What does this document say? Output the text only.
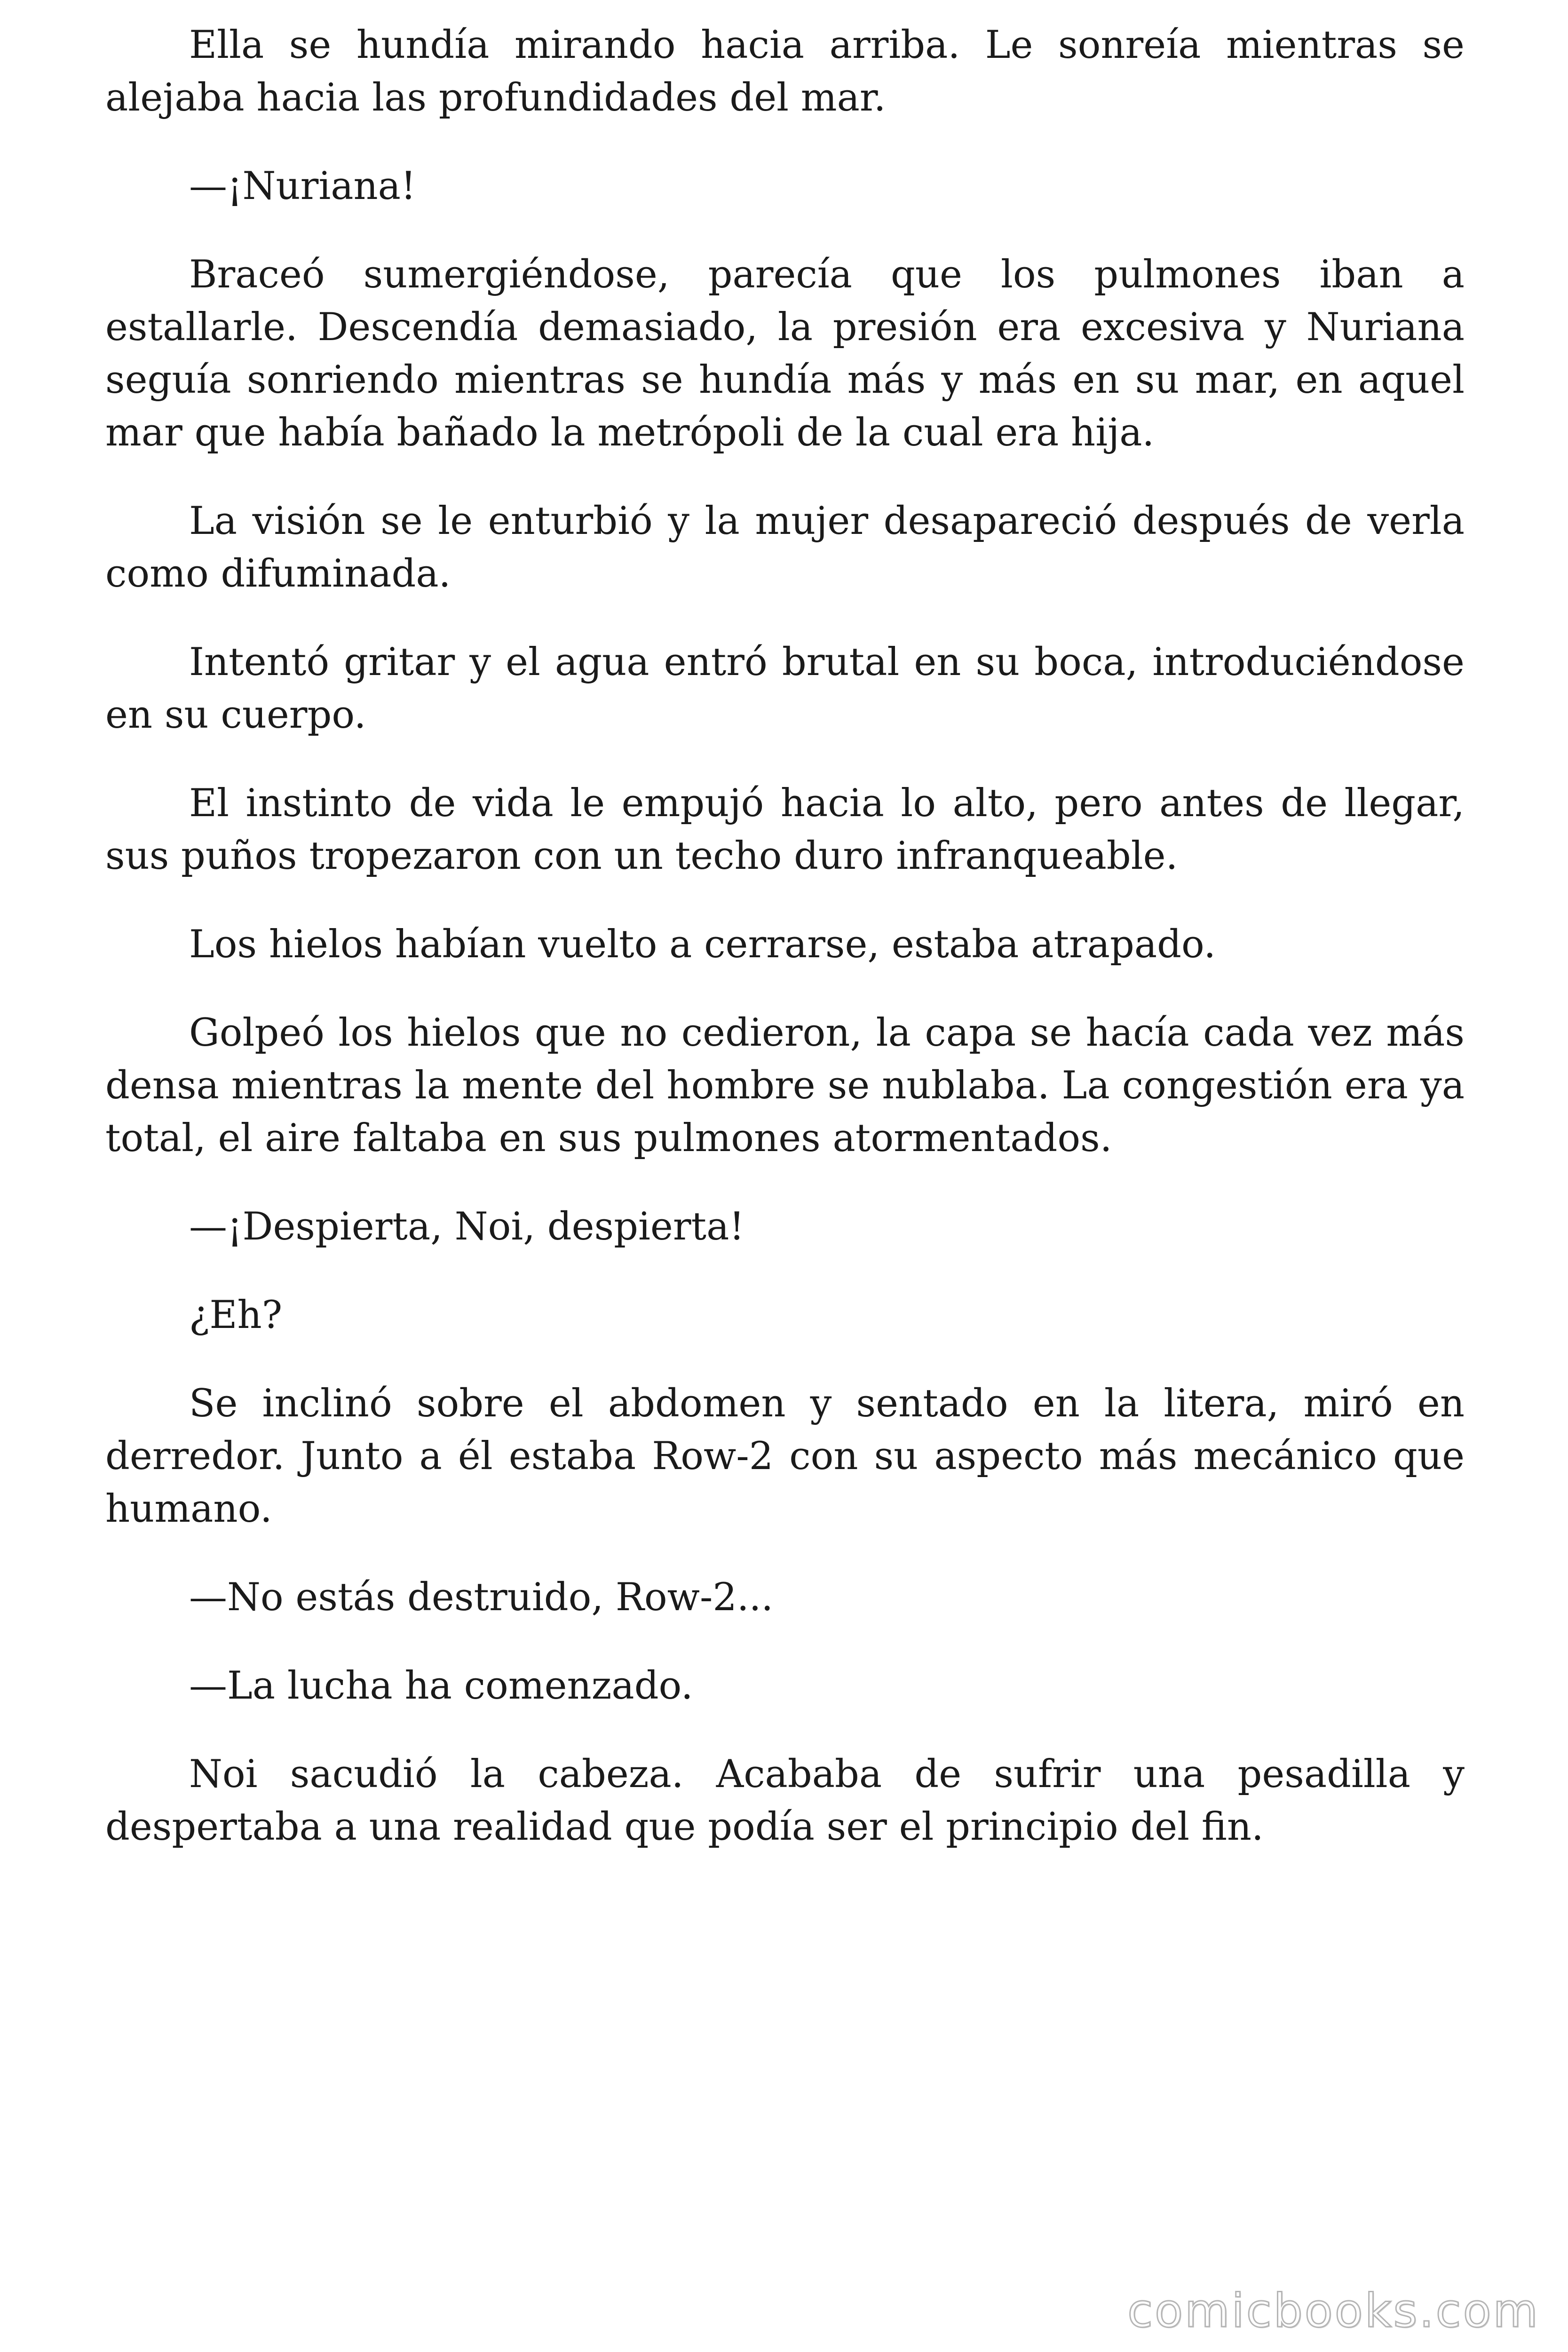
Ella se hundía mirando hacia arriba. Le sonreía mientras se alejaba hacia las profundidades del mar.

—¡Nuriana!

Braceó sumergiéndose, parecía que los pulmones iban a estallarle. Descendía demasiado, la presión era excesiva y Nuriana seguía sonriendo mientras se hundía más y más en su mar, en aquel mar que había bañado la metrópoli de la cual era hija.

La visión se le enturbió y la mujer desapareció después de verla como difuminada.

Intentó gritar y el agua entró brutal en su boca, introduciéndose en su cuerpo.

El instinto de vida le empujó hacia lo alto, pero antes de llegar, sus puños tropezaron con un techo duro infranqueable.

Los hielos habían vuelto a cerrarse, estaba atrapado.

Golpeó los hielos que no cedieron, la capa se hacía cada vez más densa mientras la mente del hombre se nublaba. La congestión era ya total, el aire faltaba en sus pulmones atormentados.

—¡Despierta, Noi, despierta!

¿Eh?

Se inclinó sobre el abdomen y sentado en la litera, miró en derredor. Junto a él estaba Row-2 con su aspecto más mecánico que humano.

—No estás destruido, Row-2...

—La lucha ha comenzado.

Noi sacudió la cabeza. Acababa de sufrir una pesadilla y despertaba a una realidad que podía ser el principio del fin.

comicbooks.com
